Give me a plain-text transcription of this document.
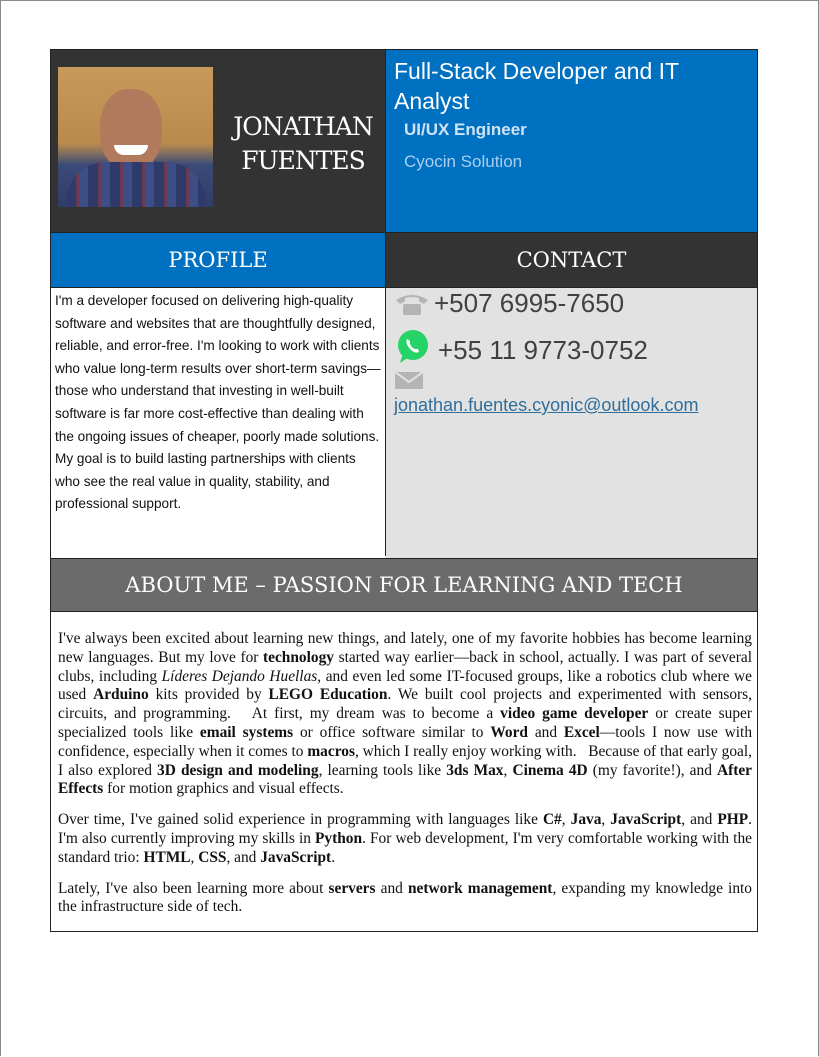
JONATHAN
FUENTES
Full-Stack Developer and IT Analyst
UI/UX Engineer
Cyocin Solution
PROFILE	CONTACT
I'm a developer focused on delivering high-quality software and websites that are thoughtfully designed, reliable, and error-free. I'm looking to work with clients who value long-term results over short-term savings—those who understand that investing in well-built software is far more cost-effective than dealing with the ongoing issues of cheaper, poorly made solutions. My goal is to build lasting partnerships with clients who see the real value in quality, stability, and professional support.
+507 6995-7650
+55 11 9773-0752
jonathan.fuentes.cyonic@outlook.com
ABOUT ME – PASSION FOR LEARNING AND TECH

I've always been excited about learning new things, and lately, one of my favorite hobbies has become learning new languages. But my love for technology started way earlier—back in school, actually. I was part of several clubs, including Líderes Dejando Huellas, and even led some IT-focused groups, like a robotics club where we used Arduino kits provided by LEGO Education. We built cool projects and experimented with sensors, circuits, and programming.   At first, my dream was to become a video game developer or create super specialized tools like email systems or office software similar to Word and Excel—tools I now use with confidence, especially when it comes to macros, which I really enjoy working with.   Because of that early goal, I also explored 3D design and modeling, learning tools like 3ds Max, Cinema 4D (my favorite!), and After Effects for motion graphics and visual effects.

Over time, I've gained solid experience in programming with languages like C#, Java, JavaScript, and PHP. I'm also currently improving my skills in Python. For web development, I'm very comfortable working with the standard trio: HTML, CSS, and JavaScript.

Lately, I've also been learning more about servers and network management, expanding my knowledge into the infrastructure side of tech.
